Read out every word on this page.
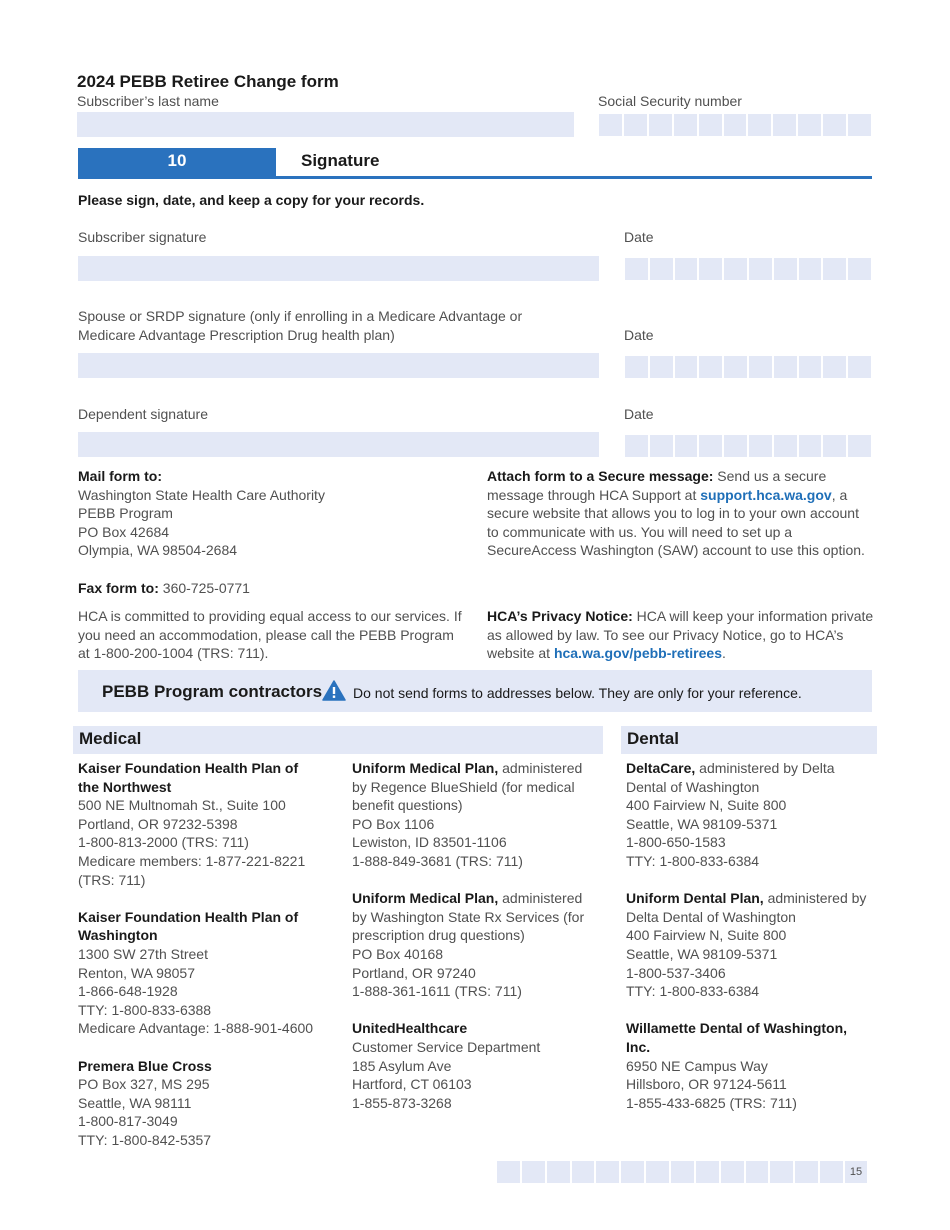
2024 PEBB Retiree Change form
Subscriber’s last name	Social Security number
10	Signature
Please sign, date, and keep a copy for your records.
Subscriber signature	Date
Spouse or SRDP signature (only if enrolling in a Medicare Advantage or
Medicare Advantage Prescription Drug health plan)	Date
Dependent signature	Date
Mail form to:
Washington State Health Care Authority
PEBB Program
PO Box 42684
Olympia, WA 98504-2684
Fax form to: 360-725-0771
HCA is committed to providing equal access to our services. If you need an accommodation, please call the PEBB Program at 1-800-200-1004 (TRS: 711).
Attach form to a Secure message: Send us a secure message through HCA Support at support.hca.wa.gov, a secure website that allows you to log in to your own account to communicate with us. You will need to set up a SecureAccess Washington (SAW) account to use this option.
HCA’s Privacy Notice: HCA will keep your information private as allowed by law. To see our Privacy Notice, go to HCA’s website at hca.wa.gov/pebb-retirees.
PEBB Program contractors Do not send forms to addresses below. They are only for your reference.
Medical	Dental
Kaiser Foundation Health Plan of the Northwest
500 NE Multnomah St., Suite 100
Portland, OR 97232-5398
1-800-813-2000 (TRS: 711)
Medicare members: 1-877-221-8221 (TRS: 711)
Kaiser Foundation Health Plan of Washington
1300 SW 27th Street
Renton, WA 98057
1-866-648-1928
TTY: 1-800-833-6388
Medicare Advantage: 1-888-901-4600
Premera Blue Cross
PO Box 327, MS 295
Seattle, WA 98111
1-800-817-3049
TTY: 1-800-842-5357
Uniform Medical Plan, administered by Regence BlueShield (for medical benefit questions)
PO Box 1106
Lewiston, ID 83501-1106
1-888-849-3681 (TRS: 711)
Uniform Medical Plan, administered by Washington State Rx Services (for prescription drug questions)
PO Box 40168
Portland, OR 97240
1-888-361-1611 (TRS: 711)
UnitedHealthcare
Customer Service Department
185 Asylum Ave
Hartford, CT 06103
1-855-873-3268
DeltaCare, administered by Delta Dental of Washington
400 Fairview N, Suite 800
Seattle, WA 98109-5371
1-800-650-1583
TTY: 1-800-833-6384
Uniform Dental Plan, administered by Delta Dental of Washington
400 Fairview N, Suite 800
Seattle, WA 98109-5371
1-800-537-3406
TTY: 1-800-833-6384
Willamette Dental of Washington, Inc.
6950 NE Campus Way
Hillsboro, OR 97124-5611
1-855-433-6825 (TRS: 711)
15
